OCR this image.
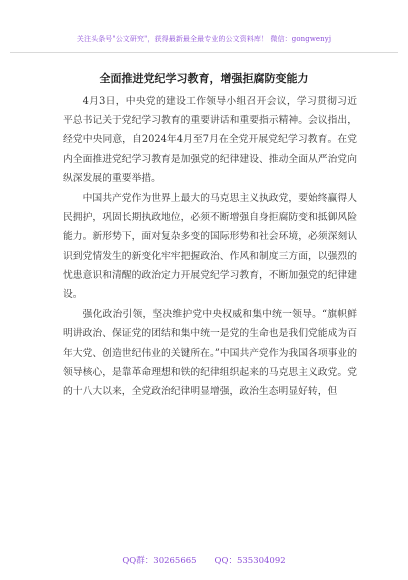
关注头条号"公文研究"，获得最新最全最专业的公文资料库！ 微信：gongwenyj
全面推进党纪学习教育，增强拒腐防变能力

4月3日，中央党的建设工作领导小组召开会议，学习贯彻习近平总书记关于党纪学习教育的重要讲话和重要指示精神。会议指出，经党中央同意，自2024年4月至7月在全党开展党纪学习教育。在党内全面推进党纪学习教育是加强党的纪律建设、推动全面从严治党向纵深发展的重要举措。

中国共产党作为世界上最大的马克思主义执政党，要始终赢得人民拥护，巩固长期执政地位，必须不断增强自身拒腐防变和抵御风险能力。新形势下，面对复杂多变的国际形势和社会环境，必须深刻认识到党情发生的新变化牢牢把握政治、作风和制度三方面，以强烈的忧患意识和清醒的政治定力开展党纪学习教育，不断加强党的纪律建设。

强化政治引领，坚决维护党中央权威和集中统一领导。“旗帜鲜明讲政治、保证党的团结和集中统一是党的生命也是我们党能成为百年大党、创造世纪伟业的关键所在。”中国共产党作为我国各项事业的领导核心，是靠革命理想和铁的纪律组织起来的马克思主义政党。党的十八大以来，全党政治纪律明显增强，政治生态明显好转，但

QQ群：30265665 QQ：535304092
